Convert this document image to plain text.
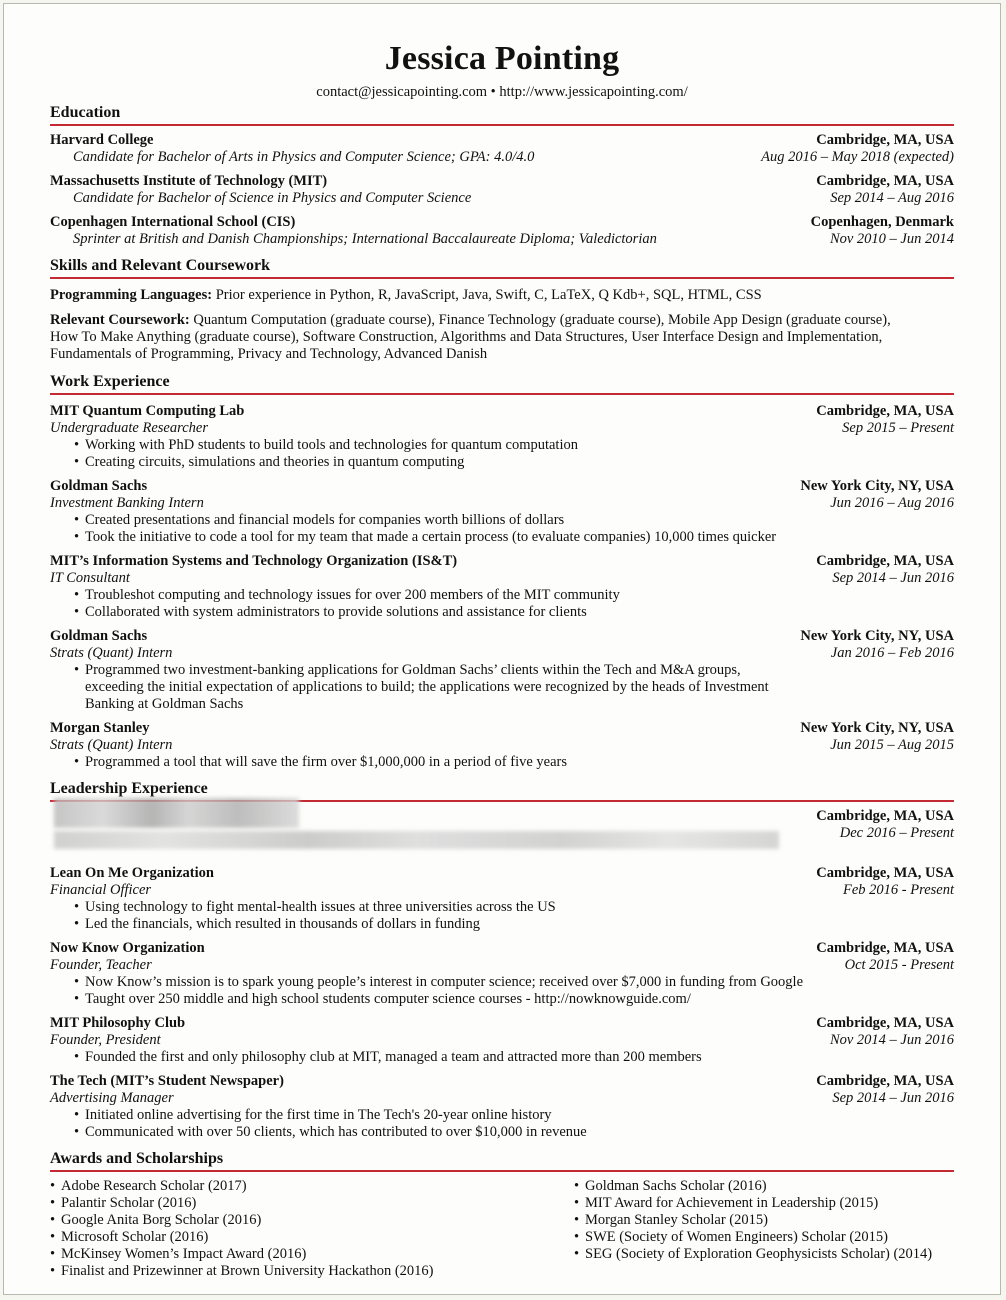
Jessica Pointing
contact@jessicapointing.com • http://www.jessicapointing.com/
Education
Harvard College	Cambridge, MA, USA
Candidate for Bachelor of Arts in Physics and Computer Science; GPA: 4.0/4.0	Aug 2016 – May 2018 (expected)
Massachusetts Institute of Technology (MIT)	Cambridge, MA, USA
Candidate for Bachelor of Science in Physics and Computer Science	Sep 2014 – Aug 2016
Copenhagen International School (CIS)	Copenhagen, Denmark
Sprinter at British and Danish Championships; International Baccalaureate Diploma; Valedictorian	Nov 2010 – Jun 2014
Skills and Relevant Coursework
Programming Languages: Prior experience in Python, R, JavaScript, Java, Swift, C, LaTeX, Q Kdb+, SQL, HTML, CSS
Relevant Coursework: Quantum Computation (graduate course), Finance Technology (graduate course), Mobile App Design (graduate course),
How To Make Anything (graduate course), Software Construction, Algorithms and Data Structures, User Interface Design and Implementation,
Fundamentals of Programming, Privacy and Technology, Advanced Danish
Work Experience
MIT Quantum Computing Lab	Cambridge, MA, USA
Undergraduate Researcher	Sep 2015 – Present
• Working with PhD students to build tools and technologies for quantum computation
• Creating circuits, simulations and theories in quantum computing
Goldman Sachs	New York City, NY, USA
Investment Banking Intern	Jun 2016 – Aug 2016
• Created presentations and financial models for companies worth billions of dollars
• Took the initiative to code a tool for my team that made a certain process (to evaluate companies) 10,000 times quicker
MIT’s Information Systems and Technology Organization (IS&T)	Cambridge, MA, USA
IT Consultant	Sep 2014 – Jun 2016
• Troubleshot computing and technology issues for over 200 members of the MIT community
• Collaborated with system administrators to provide solutions and assistance for clients
Goldman Sachs	New York City, NY, USA
Strats (Quant) Intern	Jan 2016 – Feb 2016
• Programmed two investment-banking applications for Goldman Sachs’ clients within the Tech and M&A groups, exceeding the initial expectation of applications to build; the applications were recognized by the heads of Investment Banking at Goldman Sachs
Morgan Stanley	New York City, NY, USA
Strats (Quant) Intern	Jun 2015 – Aug 2015
• Programmed a tool that will save the firm over $1,000,000 in a period of five years
Leadership Experience
Cambridge, MA, USA
Dec 2016 – Present
Lean On Me Organization	Cambridge, MA, USA
Financial Officer	Feb 2016 - Present
• Using technology to fight mental-health issues at three universities across the US
• Led the financials, which resulted in thousands of dollars in funding
Now Know Organization	Cambridge, MA, USA
Founder, Teacher	Oct 2015 - Present
• Now Know’s mission is to spark young people’s interest in computer science; received over $7,000 in funding from Google
• Taught over 250 middle and high school students computer science courses - http://nowknowguide.com/
MIT Philosophy Club	Cambridge, MA, USA
Founder, President	Nov 2014 – Jun 2016
• Founded the first and only philosophy club at MIT, managed a team and attracted more than 200 members
The Tech (MIT’s Student Newspaper)	Cambridge, MA, USA
Advertising Manager	Sep 2014 – Jun 2016
• Initiated online advertising for the first time in The Tech's 20-year online history
• Communicated with over 50 clients, which has contributed to over $10,000 in revenue
Awards and Scholarships
• Adobe Research Scholar (2017)
• Palantir Scholar (2016)
• Google Anita Borg Scholar (2016)
• Microsoft Scholar (2016)
• McKinsey Women’s Impact Award (2016)
• Finalist and Prizewinner at Brown University Hackathon (2016)
• Goldman Sachs Scholar (2016)
• MIT Award for Achievement in Leadership (2015)
• Morgan Stanley Scholar (2015)
• SWE (Society of Women Engineers) Scholar (2015)
• SEG (Society of Exploration Geophysicists Scholar) (2014)
